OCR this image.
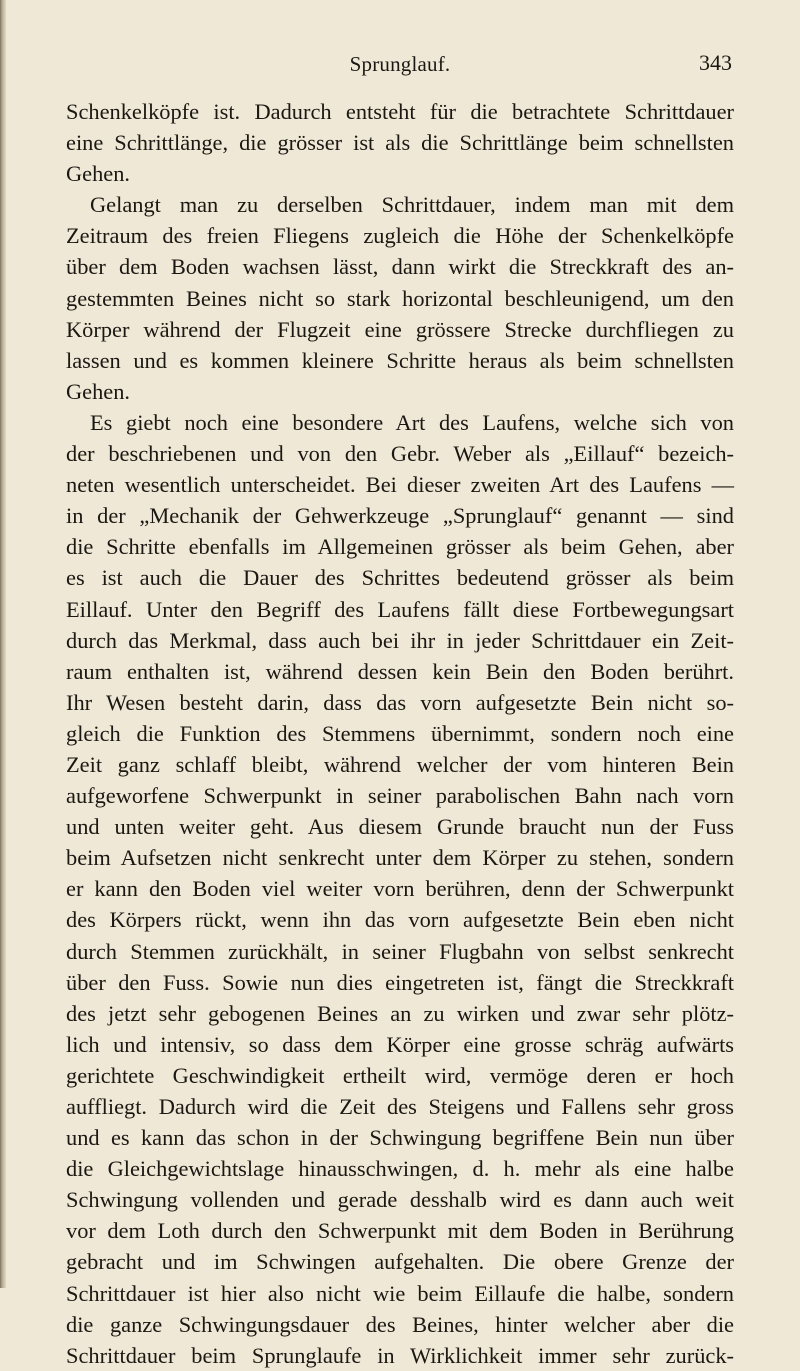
Sprunglauf.	343
Schenkelköpfe ist. Dadurch entsteht für die betrachtete Schrittdauer
eine Schrittlänge, die grösser ist als die Schrittlänge beim schnellsten
Gehen.
Gelangt man zu derselben Schrittdauer, indem man mit dem
Zeitraum des freien Fliegens zugleich die Höhe der Schenkelköpfe
über dem Boden wachsen lässt, dann wirkt die Streckkraft des an-
gestemmten Beines nicht so stark horizontal beschleunigend, um den
Körper während der Flugzeit eine grössere Strecke durchfliegen zu
lassen und es kommen kleinere Schritte heraus als beim schnellsten
Gehen.
Es giebt noch eine besondere Art des Laufens, welche sich von
der beschriebenen und von den Gebr. Weber als „Eillauf“ bezeich-
neten wesentlich unterscheidet. Bei dieser zweiten Art des Laufens —
in der „Mechanik der Gehwerkzeuge „Sprunglauf“ genannt — sind
die Schritte ebenfalls im Allgemeinen grösser als beim Gehen, aber
es ist auch die Dauer des Schrittes bedeutend grösser als beim
Eillauf. Unter den Begriff des Laufens fällt diese Fortbewegungsart
durch das Merkmal, dass auch bei ihr in jeder Schrittdauer ein Zeit-
raum enthalten ist, während dessen kein Bein den Boden berührt.
Ihr Wesen besteht darin, dass das vorn aufgesetzte Bein nicht so-
gleich die Funktion des Stemmens übernimmt, sondern noch eine
Zeit ganz schlaff bleibt, während welcher der vom hinteren Bein
aufgeworfene Schwerpunkt in seiner parabolischen Bahn nach vorn
und unten weiter geht. Aus diesem Grunde braucht nun der Fuss
beim Aufsetzen nicht senkrecht unter dem Körper zu stehen, sondern
er kann den Boden viel weiter vorn berühren, denn der Schwerpunkt
des Körpers rückt, wenn ihn das vorn aufgesetzte Bein eben nicht
durch Stemmen zurückhält, in seiner Flugbahn von selbst senkrecht
über den Fuss. Sowie nun dies eingetreten ist, fängt die Streckkraft
des jetzt sehr gebogenen Beines an zu wirken und zwar sehr plötz-
lich und intensiv, so dass dem Körper eine grosse schräg aufwärts
gerichtete Geschwindigkeit ertheilt wird, vermöge deren er hoch
auffliegt. Dadurch wird die Zeit des Steigens und Fallens sehr gross
und es kann das schon in der Schwingung begriffene Bein nun über
die Gleichgewichtslage hinausschwingen, d. h. mehr als eine halbe
Schwingung vollenden und gerade desshalb wird es dann auch weit
vor dem Loth durch den Schwerpunkt mit dem Boden in Berührung
gebracht und im Schwingen aufgehalten. Die obere Grenze der
Schrittdauer ist hier also nicht wie beim Eillaufe die halbe, sondern
die ganze Schwingungsdauer des Beines, hinter welcher aber die
Schrittdauer beim Sprunglaufe in Wirklichkeit immer sehr zurück-
